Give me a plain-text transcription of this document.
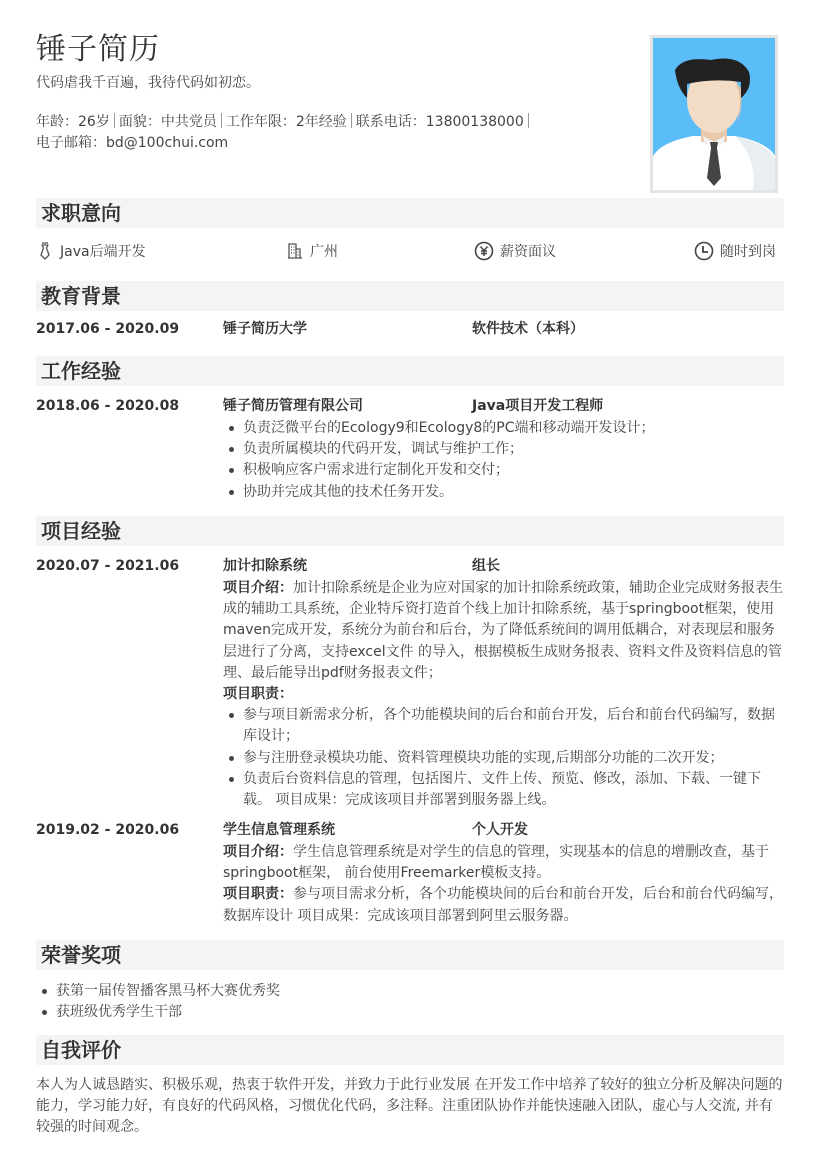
锤子简历
代码虐我千百遍，我待代码如初恋。
年龄：26岁 面貌：中共党员 工作年限：2年经验 联系电话：13800138000
电子邮箱：bd@100chui.com
求职意向
Java后端开发	广州	薪资面议	随时到岗
教育背景
2017.06 - 2020.09	锤子简历大学	软件技术（本科）
工作经验
2018.06 - 2020.08	锤子简历管理有限公司	Java项目开发工程师
负责泛微平台的Ecology9和Ecology8的PC端和移动端开发设计；
负责所属模块的代码开发，调试与维护工作；
积极响应客户需求进行定制化开发和交付；
协助并完成其他的技术任务开发。
项目经验
2020.07 - 2021.06	加计扣除系统	组长
项目介绍：加计扣除系统是企业为应对国家的加计扣除系统政策，辅助企业完成财务报表生成的辅助工具系统，企业特斥资打造首个线上加计扣除系统，基于springboot框架，使用maven完成开发，系统分为前台和后台，为了降低系统间的调用低耦合，对表现层和服务层进行了分离，支持excel文件 的导入，根据模板生成财务报表、资料文件及资料信息的管理、最后能导出pdf财务报表文件；
项目职责：
参与项目新需求分析，各个功能模块间的后台和前台开发，后台和前台代码编写，数据库设计；
参与注册登录模块功能、资料管理模块功能的实现,后期部分功能的二次开发；
负责后台资料信息的管理，包括图片、文件上传、预览、修改，添加、下载、一键下载。 项目成果：完成该项目并部署到服务器上线。
2019.02 - 2020.06	学生信息管理系统	个人开发
项目介绍：学生信息管理系统是对学生的信息的管理，实现基本的信息的增删改查，基于springboot框架， 前台使用Freemarker模板支持。
项目职责：参与项目需求分析，各个功能模块间的后台和前台开发，后台和前台代码编写，数据库设计 项目成果：完成该项目部署到阿里云服务器。
荣誉奖项
获第一届传智播客黑马杯大赛优秀奖
获班级优秀学生干部
自我评价
本人为人诚恳踏实、积极乐观，热衷于软件开发，并致力于此行业发展 在开发工作中培养了较好的独立分析及解决问题的能力，学习能力好，有良好的代码风格，习惯优化代码，多注释。注重团队协作并能快速融入团队，虚心与人交流, 并有较强的时间观念。
